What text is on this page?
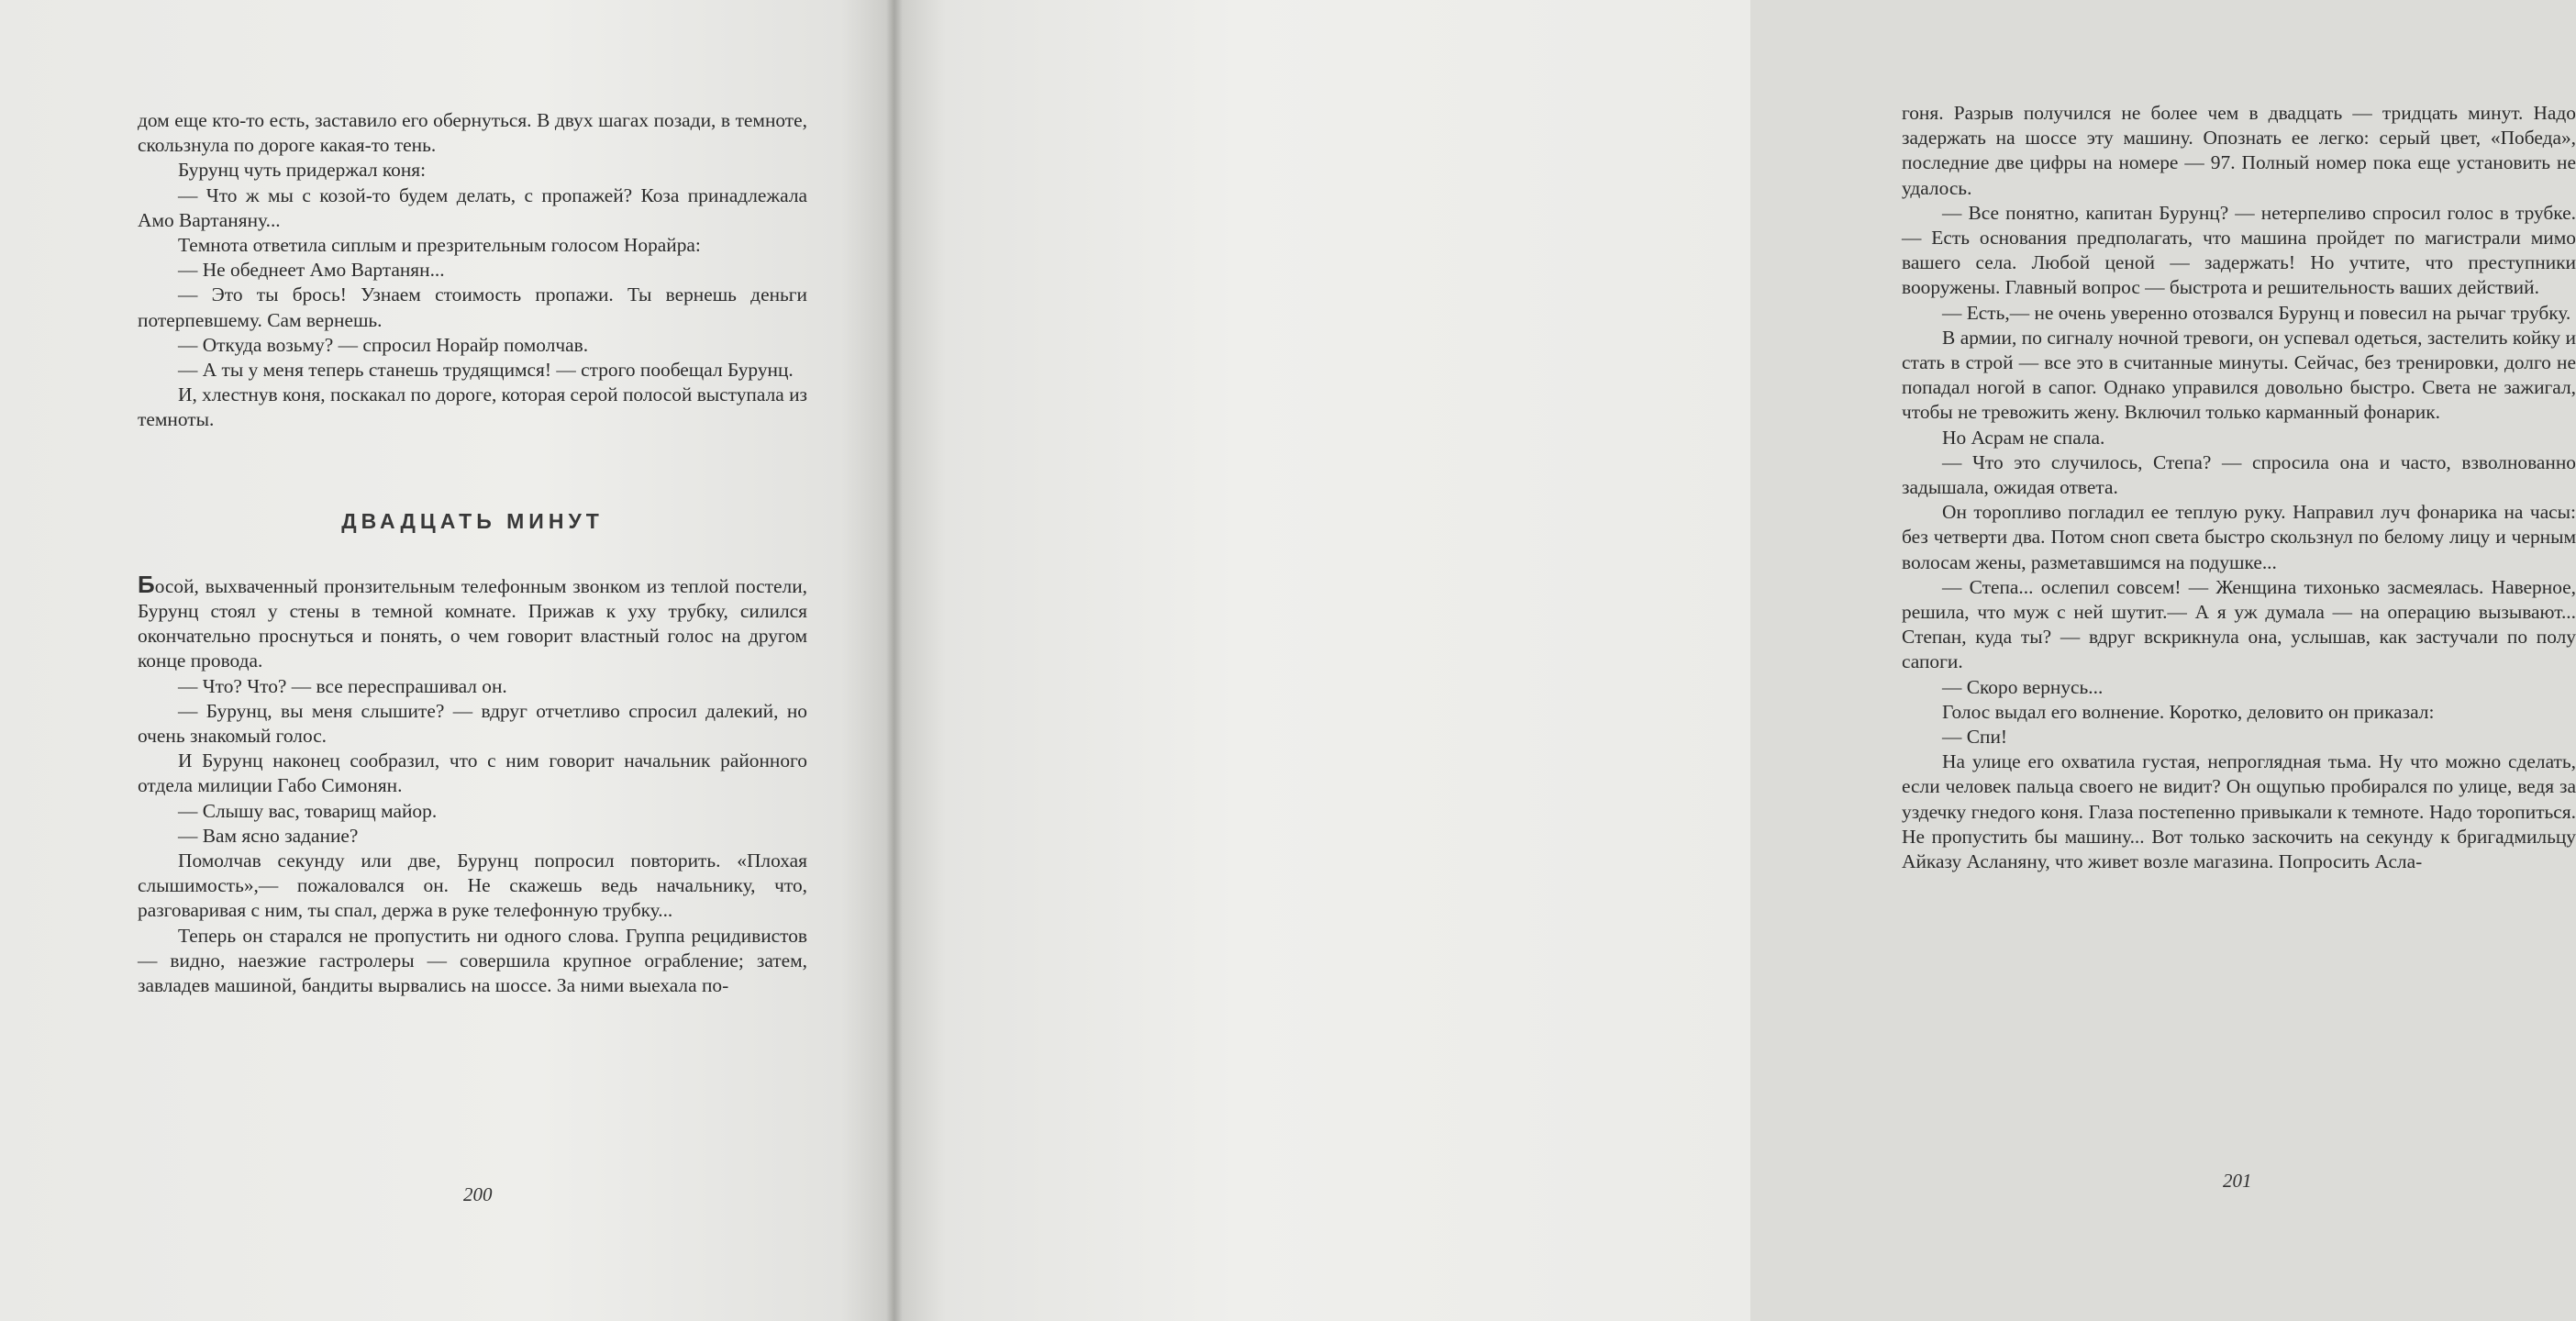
дом еще кто-то есть, заставило его обернуться. В двух шагах позади, в темноте, скользнула по дороге какая-то тень.

Бурунц чуть придержал коня:

— Что ж мы с козой-то будем делать, с пропажей? Коза принадлежала Амо Вартаняну...

Темнота ответила сиплым и презрительным голосом Норайра:

— Не обеднеет Амо Вартанян...

— Это ты брось! Узнаем стоимость пропажи. Ты вернешь деньги потерпевшему. Сам вернешь.

— Откуда возьму? — спросил Норайр помолчав.

— А ты у меня теперь станешь трудящимся! — строго пообещал Бурунц.

И, хлестнув коня, поскакал по дороге, которая серой полосой выступала из темноты.

ДВАДЦАТЬ МИНУТ

Босой, выхваченный пронзительным телефонным звонком из теплой постели, Бурунц стоял у стены в темной комнате. Прижав к уху трубку, силился окончательно проснуться и понять, о чем говорит властный голос на другом конце провода.

— Что? Что? — все переспрашивал он.

— Бурунц, вы меня слышите? — вдруг отчетливо спросил далекий, но очень знакомый голос.

И Бурунц наконец сообразил, что с ним говорит начальник районного отдела милиции Габо Симонян.

— Слышу вас, товарищ майор.

— Вам ясно задание?

Помолчав секунду или две, Бурунц попросил повторить. «Плохая слышимость»,— пожаловался он. Не скажешь ведь начальнику, что, разговаривая с ним, ты спал, держа в руке телефонную трубку...

Теперь он старался не пропустить ни одного слова. Группа рецидивистов — видно, наезжие гастролеры — совершила крупное ограбление; затем, завладев машиной, бандиты вырвались на шоссе. За ними выехала по-

200

гоня. Разрыв получился не более чем в двадцать — тридцать минут. Надо задержать на шоссе эту машину. Опознать ее легко: серый цвет, «Победа», последние две цифры на номере — 97. Полный номер пока еще установить не удалось.

— Все понятно, капитан Бурунц? — нетерпеливо спросил голос в трубке.— Есть основания предполагать, что машина пройдет по магистрали мимо вашего села. Любой ценой — задержать! Но учтите, что преступники вооружены. Главный вопрос — быстрота и решительность ваших действий.

— Есть,— не очень уверенно отозвался Бурунц и повесил на рычаг трубку.

В армии, по сигналу ночной тревоги, он успевал одеться, застелить койку и стать в строй — все это в считанные минуты. Сейчас, без тренировки, долго не попадал ногой в сапог. Однако управился довольно быстро. Света не зажигал, чтобы не тревожить жену. Включил только карманный фонарик.

Но Асрам не спала.

— Что это случилось, Степа? — спросила она и часто, взволнованно задышала, ожидая ответа.

Он торопливо погладил ее теплую руку. Направил луч фонарика на часы: без четверти два. Потом сноп света быстро скользнул по белому лицу и черным волосам жены, разметавшимся на подушке...

— Степа... ослепил совсем! — Женщина тихонько засмеялась. Наверное, решила, что муж с ней шутит.— А я уж думала — на операцию вызывают... Степан, куда ты? — вдруг вскрикнула она, услышав, как застучали по полу сапоги.

— Скоро вернусь...

Голос выдал его волнение. Коротко, деловито он приказал:

— Спи!

На улице его охватила густая, непроглядная тьма. Ну что можно сделать, если человек пальца своего не видит? Он ощупью пробирался по улице, ведя за уздечку гнедого коня. Глаза постепенно привыкали к темноте. Надо торопиться. Не пропустить бы машину... Вот только заскочить на секунду к бригадмильцу Айказу Асланяну, что живет возле магазина. Попросить Асла-

201
